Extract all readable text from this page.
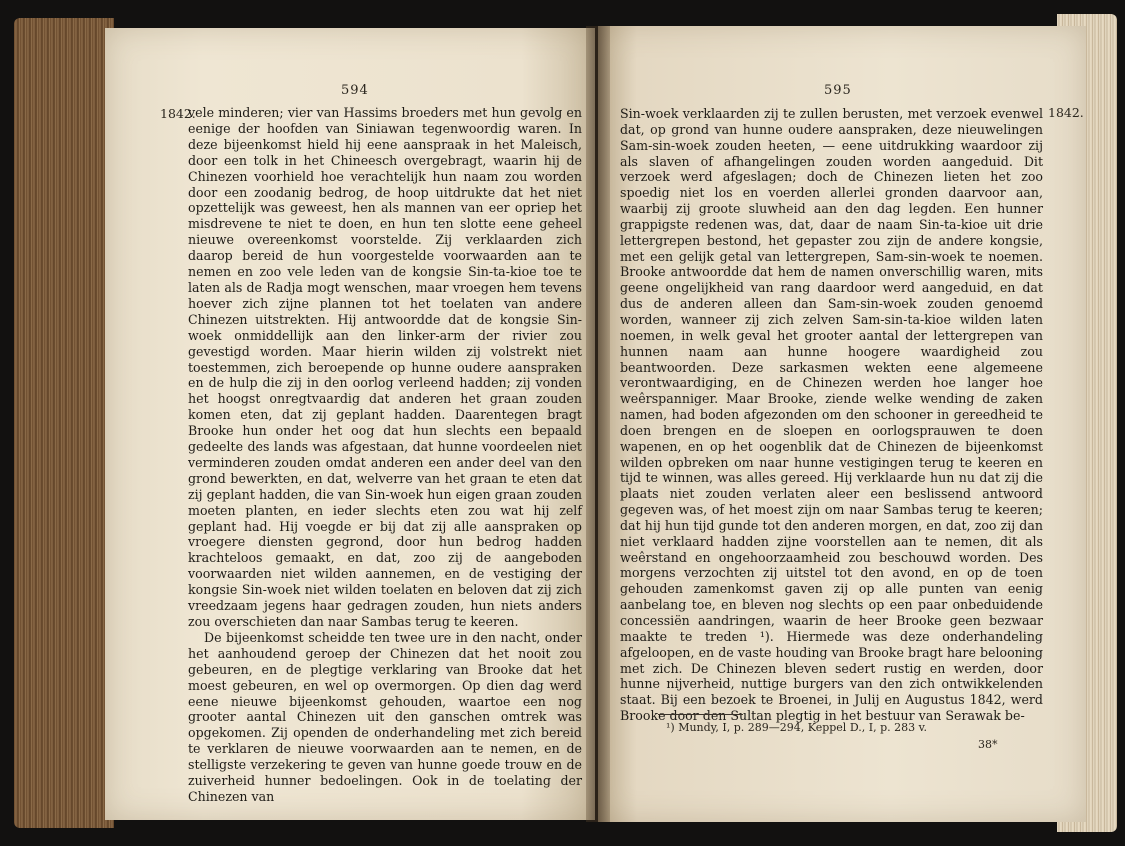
594
1842.

vele minderen; vier van Hassims broeders met hun gevolg en eenige der hoofden van Siniawan tegenwoordig waren. In deze bijeenkomst hield hij eene aanspraak in het Maleisch, door een tolk in het Chineesch overgebragt, waarin hij de Chinezen voorhield hoe verachtelijk hun naam zou worden door een zoodanig bedrog, de hoop uitdrukte dat het niet opzettelijk was geweest, hen als mannen van eer opriep het misdrevene te niet te doen, en hun ten slotte eene geheel nieuwe overeenkomst voorstelde. Zij verklaarden zich daarop bereid de hun voorgestelde voorwaarden aan te nemen en zoo vele leden van de kongsie Sin-ta-kioe toe te laten als de Radja mogt wenschen, maar vroegen hem tevens hoever zich zijne plannen tot het toelaten van andere Chinezen uitstrekten. Hij antwoordde dat de kongsie Sin-woek onmiddellijk aan den linker-arm der rivier zou gevestigd worden. Maar hierin wilden zij volstrekt niet toestemmen, zich beroepende op hunne oudere aanspraken en de hulp die zij in den oorlog verleend hadden; zij vonden het hoogst onregtvaardig dat anderen het graan zouden komen eten, dat zij geplant hadden. Daarentegen bragt Brooke hun onder het oog dat hun slechts een bepaald gedeelte des lands was afgestaan, dat hunne voordeelen niet verminderen zouden omdat anderen een ander deel van den grond bewerkten, en dat, welverre van het graan te eten dat zij geplant hadden, die van Sin-woek hun eigen graan zouden moeten planten, en ieder slechts eten zou wat hij zelf geplant had. Hij voegde er bij dat zij alle aanspraken op vroegere diensten gegrond, door hun bedrog hadden krachteloos gemaakt, en dat, zoo zij de aangeboden voorwaarden niet wilden aannemen, en de vestiging der kongsie Sin-woek niet wilden toelaten en beloven dat zij zich vreedzaam jegens haar gedragen zouden, hun niets anders zou overschieten dan naar Sambas terug te keeren.

De bijeenkomst scheidde ten twee ure in den nacht, onder het aanhoudend geroep der Chinezen dat het nooit zou gebeuren, en de plegtige verklaring van Brooke dat het moest gebeuren, en wel op overmorgen. Op dien dag werd eene nieuwe bijeenkomst gehouden, waartoe een nog grooter aantal Chinezen uit den ganschen omtrek was opgekomen. Zij openden de onderhandeling met zich bereid te verklaren de nieuwe voorwaarden aan te nemen, en de stelligste verzekering te geven van hunne goede trouw en de zuiverheid hunner bedoelingen. Ook in de toelating der Chinezen van

595
1842.

Sin-woek verklaarden zij te zullen berusten, met verzoek evenwel dat, op grond van hunne oudere aanspraken, deze nieuwelingen Sam-sin-woek zouden heeten, — eene uitdrukking waardoor zij als slaven of afhangelingen zouden worden aangeduid. Dit verzoek werd afgeslagen; doch de Chinezen lieten het zoo spoedig niet los en voerden allerlei gronden daarvoor aan, waarbij zij groote sluwheid aan den dag legden. Een hunner grappigste redenen was, dat, daar de naam Sin-ta-kioe uit drie lettergrepen bestond, het gepaster zou zijn de andere kongsie, met een gelijk getal van lettergrepen, Sam-sin-woek te noemen. Brooke antwoordde dat hem de namen onverschillig waren, mits geene ongelijkheid van rang daardoor werd aangeduid, en dat dus de anderen alleen dan Sam-sin-woek zouden genoemd worden, wanneer zij zich zelven Sam-sin-ta-kioe wilden laten noemen, in welk geval het grooter aantal der lettergrepen van hunnen naam aan hunne hoogere waardigheid zou beantwoorden. Deze sarkasmen wekten eene algemeene verontwaardiging, en de Chinezen werden hoe langer hoe weêrspanniger. Maar Brooke, ziende welke wending de zaken namen, had boden afgezonden om den schooner in gereedheid te doen brengen en de sloepen en oorlogsprauwen te doen wapenen, en op het oogenblik dat de Chinezen de bijeenkomst wilden opbreken om naar hunne vestigingen terug te keeren en tijd te winnen, was alles gereed. Hij verklaarde hun nu dat zij die plaats niet zouden verlaten aleer een beslissend antwoord gegeven was, of het moest zijn om naar Sambas terug te keeren; dat hij hun tijd gunde tot den anderen morgen, en dat, zoo zij dan niet verklaard hadden zijne voorstellen aan te nemen, dit als weêrstand en ongehoorzaamheid zou beschouwd worden. Des morgens verzochten zij uitstel tot den avond, en op de toen gehouden zamenkomst gaven zij op alle punten van eenig aanbelang toe, en bleven nog slechts op een paar onbeduidende concessiën aandringen, waarin de heer Brooke geen bezwaar maakte te treden ¹). Hiermede was deze onderhandeling afgeloopen, en de vaste houding van Brooke bragt hare belooning met zich. De Chinezen bleven sedert rustig en werden, door hunne nijverheid, nuttige burgers van den zich ontwikkelenden staat. Bij een bezoek te Broenei, in Julij en Augustus 1842, werd Brooke door den Sultan plegtig in het bestuur van Serawak be-

¹) Mundy, I, p. 289—294, Keppel D., I, p. 283 v.
38*
